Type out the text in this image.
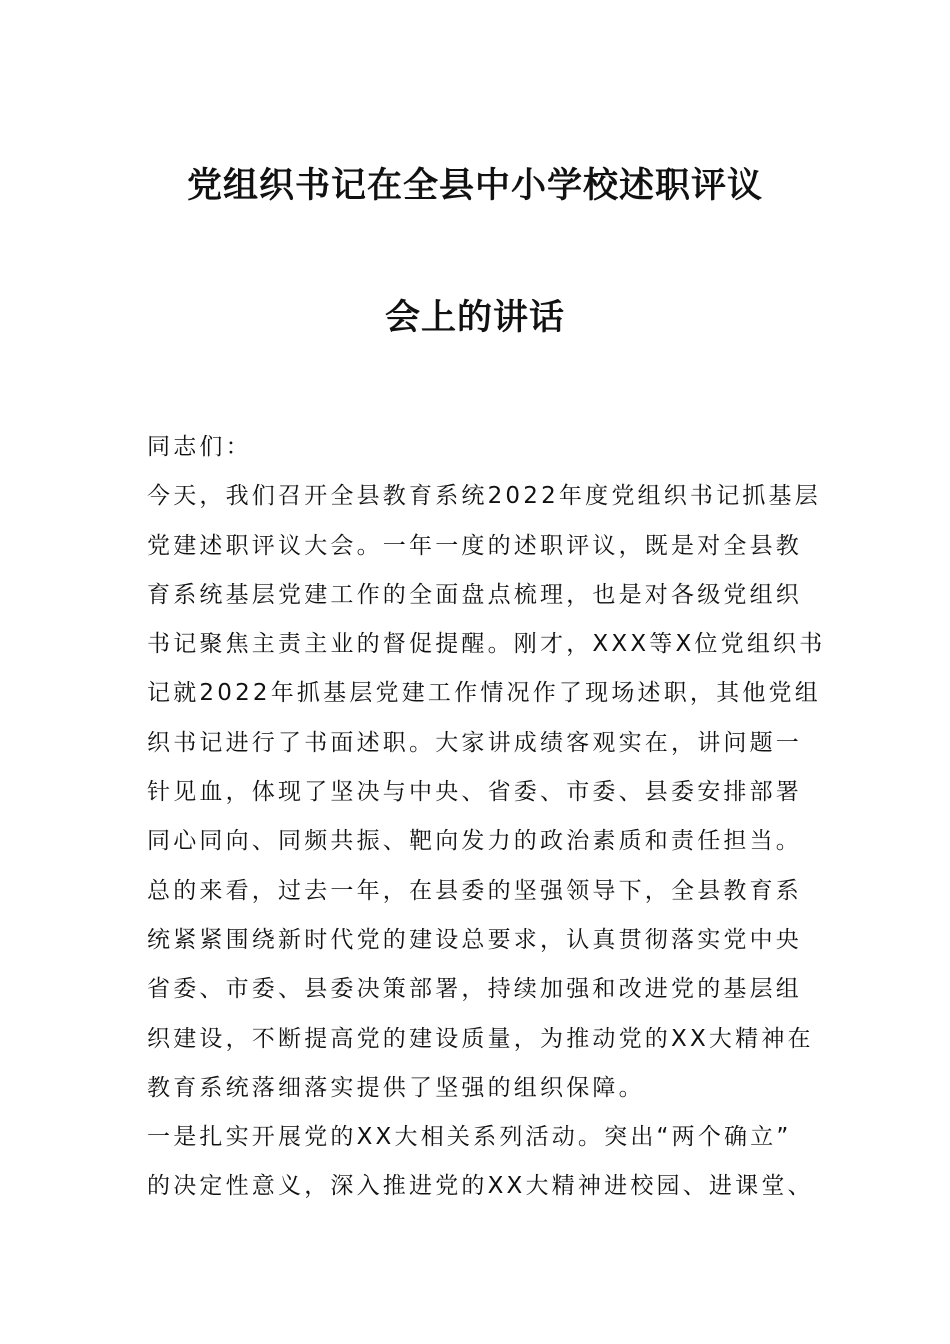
党组织书记在全县中小学校述职评议
会上的讲话
同志们：
今天，我们召开全县教育系统2022年度党组织书记抓基层
党建述职评议大会。一年一度的述职评议，既是对全县教
育系统基层党建工作的全面盘点梳理，也是对各级党组织
书记聚焦主责主业的督促提醒。刚才，XXX等X位党组织书
记就2022年抓基层党建工作情况作了现场述职，其他党组
织书记进行了书面述职。大家讲成绩客观实在，讲问题一
针见血，体现了坚决与中央、省委、市委、县委安排部署
同心同向、同频共振、靶向发力的政治素质和责任担当。
总的来看，过去一年，在县委的坚强领导下，全县教育系
统紧紧围绕新时代党的建设总要求，认真贯彻落实党中央
省委、市委、县委决策部署，持续加强和改进党的基层组
织建设，不断提高党的建设质量，为推动党的XX大精神在
教育系统落细落实提供了坚强的组织保障。
一是扎实开展党的XX大相关系列活动。突出“两个确立”
的决定性意义，深入推进党的XX大精神进校园、进课堂、
